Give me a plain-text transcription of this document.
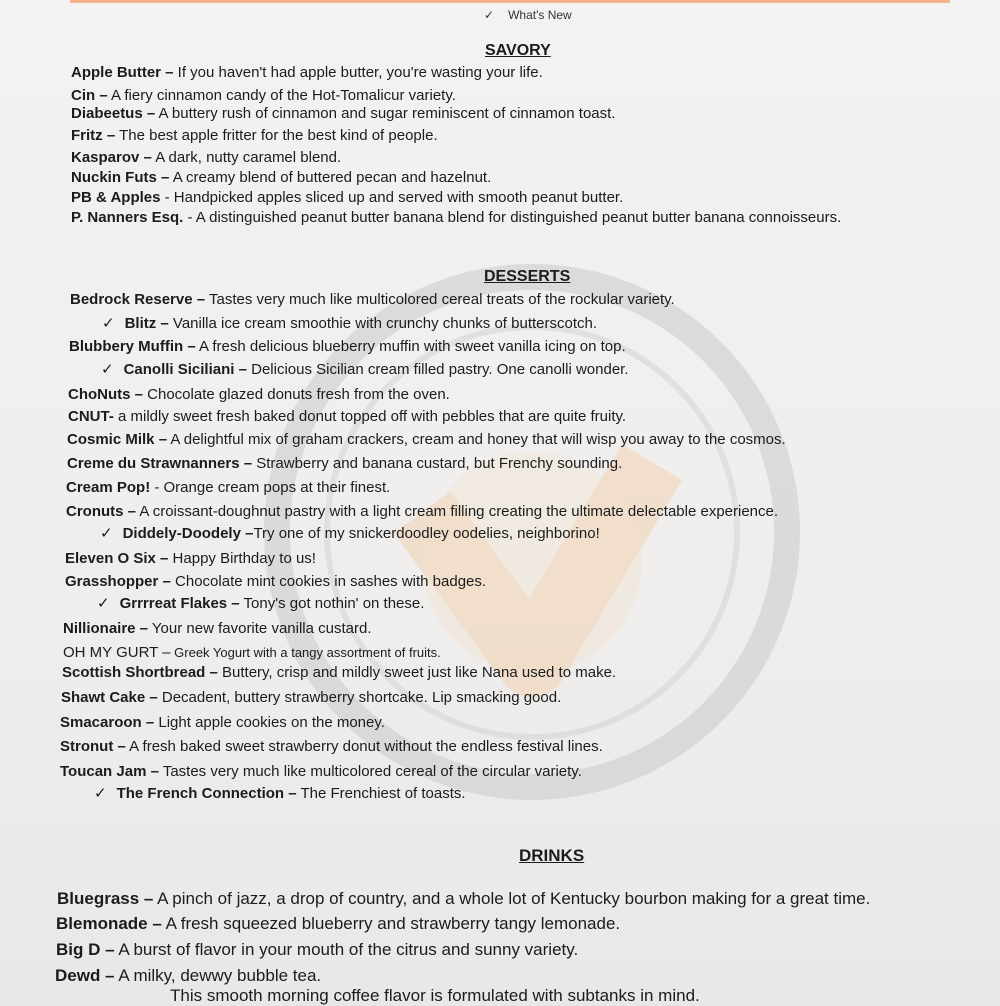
✓ What's New
SAVORY
Apple Butter – If you haven't had apple butter, you're wasting your life.
Cin – A fiery cinnamon candy of the Hot-Tomalicur variety.
Diabeetus – A buttery rush of cinnamon and sugar reminiscent of cinnamon toast.
Fritz – The best apple fritter for the best kind of people.
Kasparov – A dark, nutty caramel blend.
Nuckin Futs – A creamy blend of buttered pecan and hazelnut.
PB & Apples - Handpicked apples sliced up and served with smooth peanut butter.
P. Nanners Esq. - A distinguished peanut butter banana blend for distinguished peanut butter banana connoisseurs.
DESSERTS
Bedrock Reserve – Tastes very much like multicolored cereal treats of the rockular variety.
✓ Blitz – Vanilla ice cream smoothie with crunchy chunks of butterscotch.
Blubbery Muffin – A fresh delicious blueberry muffin with sweet vanilla icing on top.
✓ Canolli Siciliani – Delicious Sicilian cream filled pastry. One canolli wonder.
ChoNuts – Chocolate glazed donuts fresh from the oven.
CNUT- a mildly sweet fresh baked donut topped off with pebbles that are quite fruity.
Cosmic Milk – A delightful mix of graham crackers, cream and honey that will wisp you away to the cosmos.
Creme du Strawnanners – Strawberry and banana custard, but Frenchy sounding.
Cream Pop! - Orange cream pops at their finest.
Cronuts – A croissant-doughnut pastry with a light cream filling creating the ultimate delectable experience.
✓ Diddely-Doodely –Try one of my snickerdoodley oodelies, neighborino!
Eleven O Six – Happy Birthday to us!
Grasshopper – Chocolate mint cookies in sashes with badges.
✓ Grrrreat Flakes – Tony's got nothin' on these.
Nillionaire – Your new favorite vanilla custard.
OH MY GURT – Greek Yogurt with a tangy assortment of fruits.
Scottish Shortbread – Buttery, crisp and mildly sweet just like Nana used to make.
Shawt Cake – Decadent, buttery strawberry shortcake. Lip smacking good.
Smacaroon – Light apple cookies on the money.
Stronut – A fresh baked sweet strawberry donut without the endless festival lines.
Toucan Jam – Tastes very much like multicolored cereal of the circular variety.
✓ The French Connection – The Frenchiest of toasts.
DRINKS
Bluegrass – A pinch of jazz, a drop of country, and a whole lot of Kentucky bourbon making for a great time.
Blemonade – A fresh squeezed blueberry and strawberry tangy lemonade.
Big D – A burst of flavor in your mouth of the citrus and sunny variety.
Dewd – A milky, dewwy bubble tea.
This smooth morning coffee flavor is formulated with subtanks in mind.
